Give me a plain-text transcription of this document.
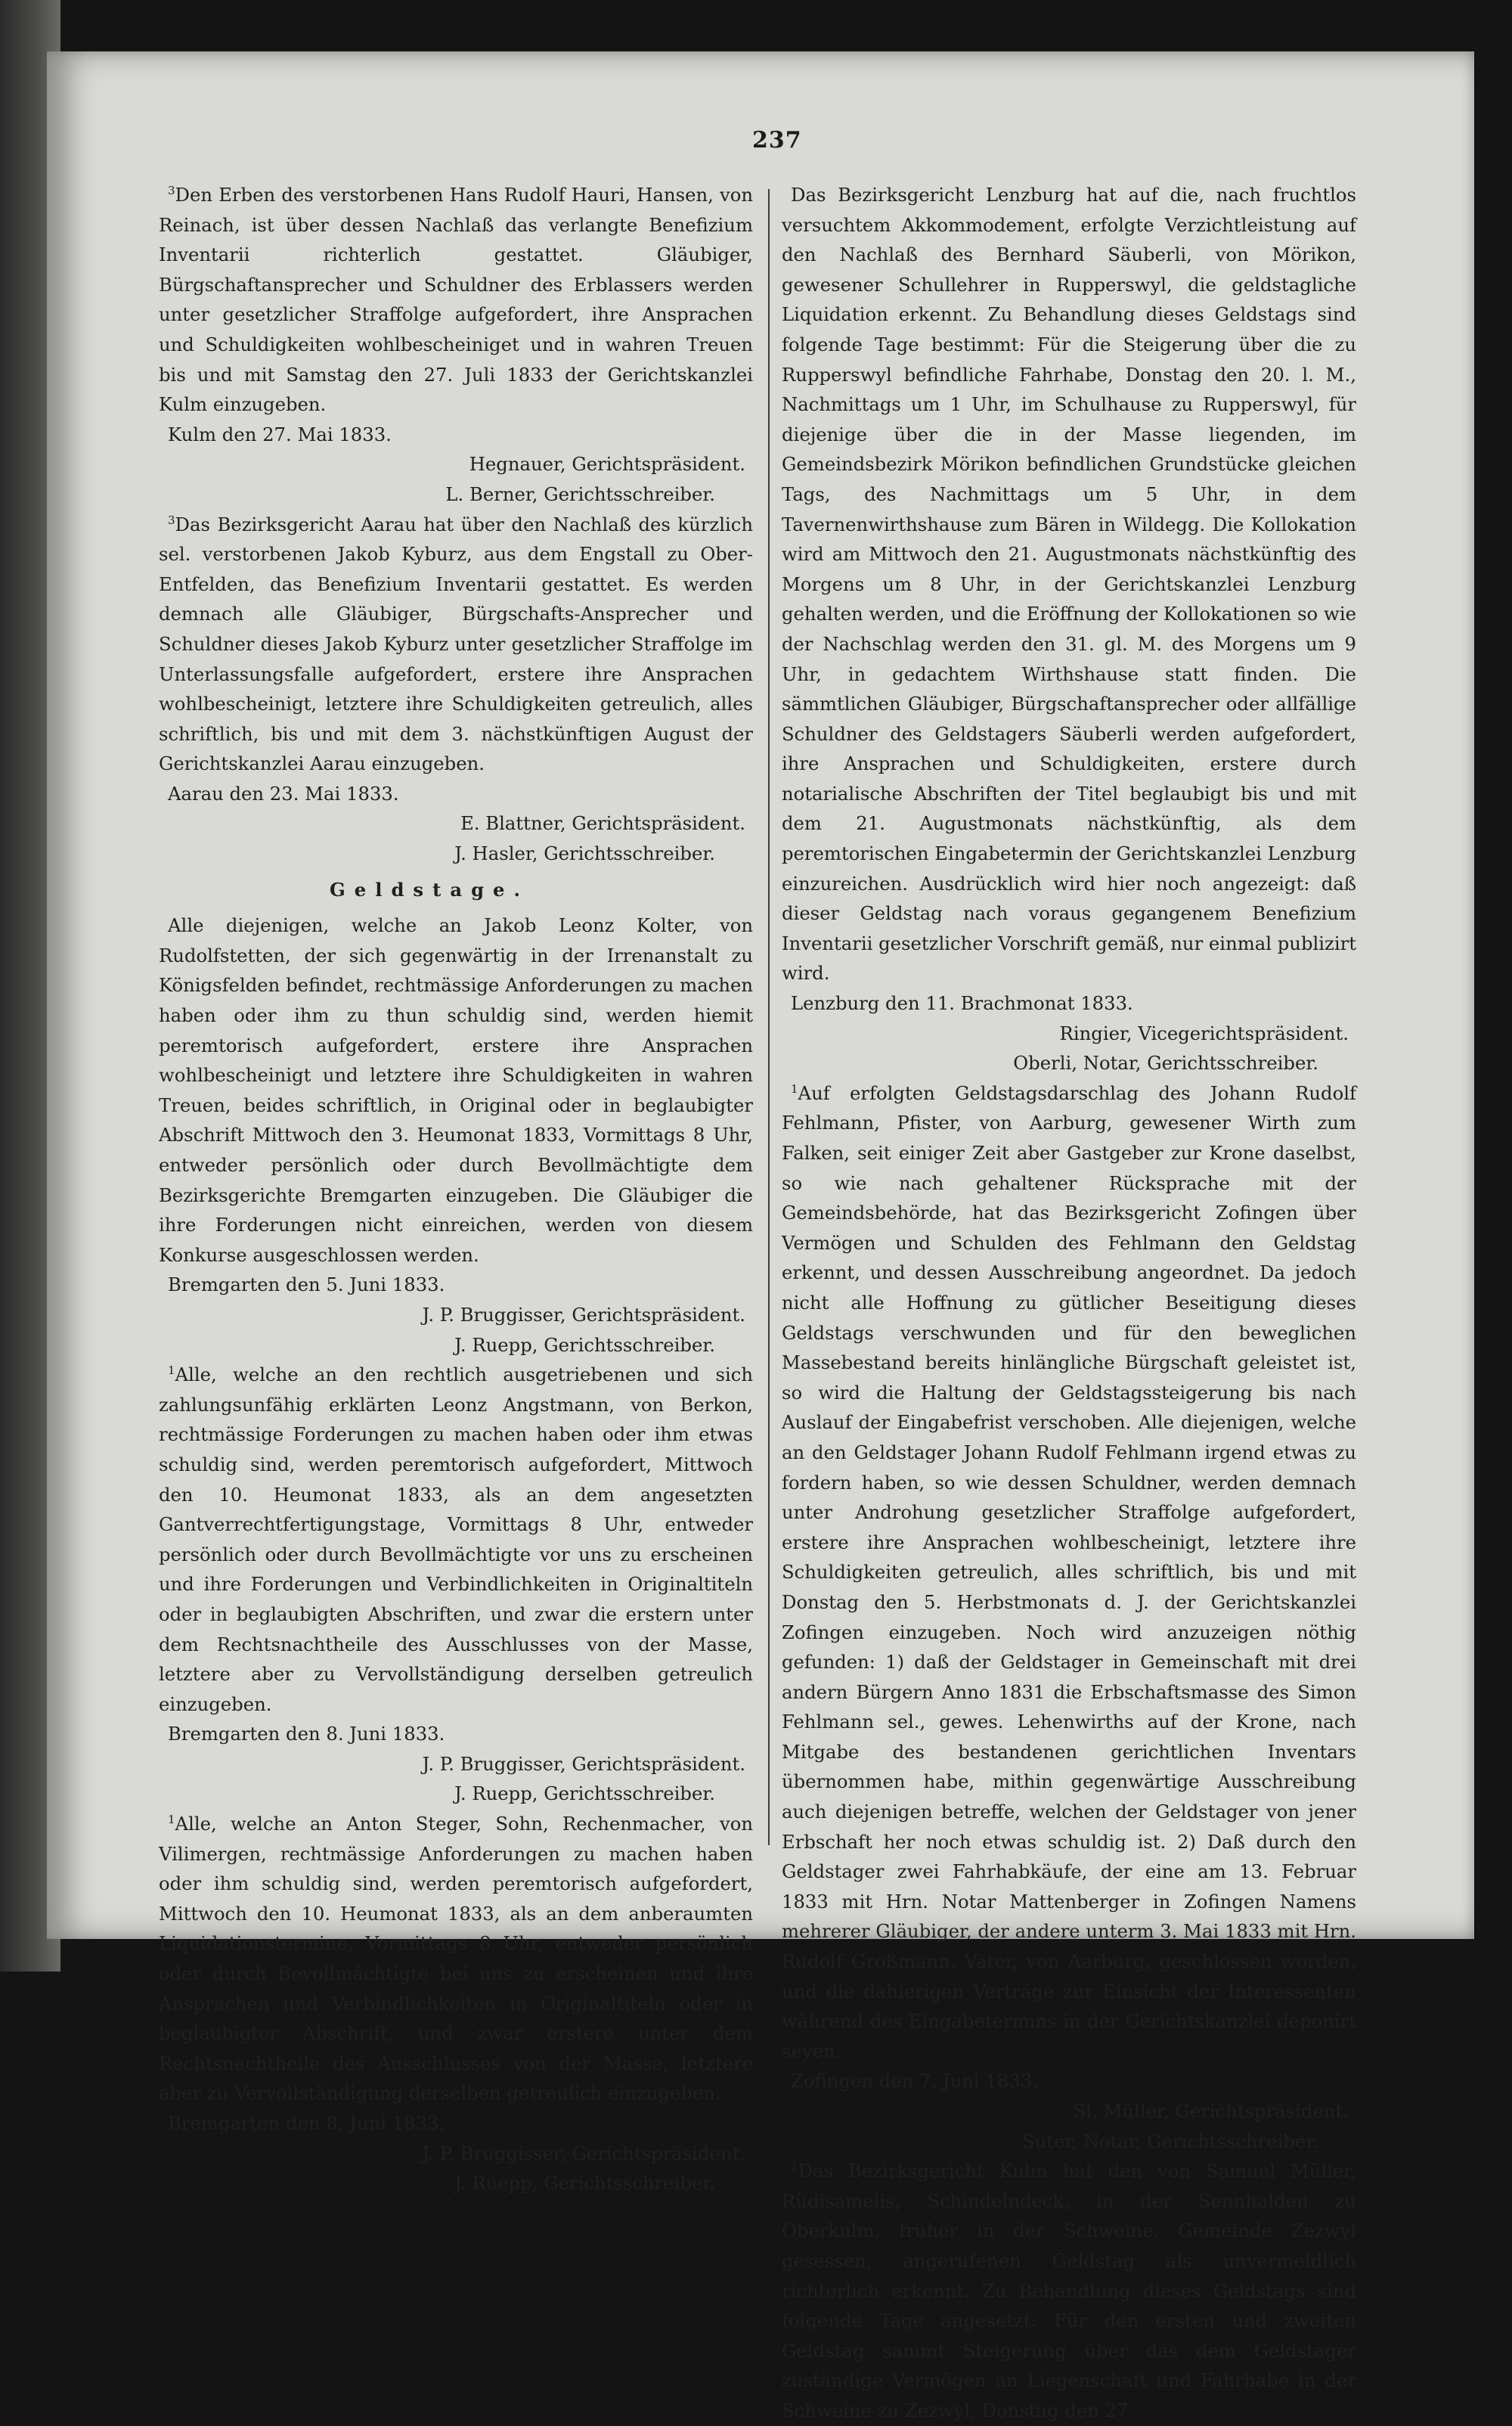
237

$^3$Den Erben des verstorbenen Hans Rudolf Hauri, Hansen, von Reinach, ist über dessen Nachlaß das verlangte Benefizium Inventarii richterlich gestattet. Gläubiger, Bürgschaftansprecher und Schuldner des Erblassers werden unter gesetzlicher Straffolge aufgefordert, ihre Ansprachen und Schuldigkeiten wohlbescheiniget und in wahren Treuen bis und mit Samstag den 27. Juli 1833 der Gerichtskanzlei Kulm einzugeben.

Kulm den 27. Mai 1833.

Hegnauer, Gerichtspräsident.

L. Berner, Gerichtsschreiber.

$^3$Das Bezirksgericht Aarau hat über den Nachlaß des kürzlich sel. verstorbenen Jakob Kyburz, aus dem Engstall zu Ober-Entfelden, das Benefizium Inventarii gestattet. Es werden demnach alle Gläubiger, Bürgschafts-Ansprecher und Schuldner dieses Jakob Kyburz unter gesetzlicher Straffolge im Unterlassungsfalle aufgefordert, erstere ihre Ansprachen wohlbescheinigt, letztere ihre Schuldigkeiten getreulich, alles schriftlich, bis und mit dem 3. nächstkünftigen August der Gerichtskanzlei Aarau einzugeben.

Aarau den 23. Mai 1833.

E. Blattner, Gerichtspräsident.

J. Hasler, Gerichtsschreiber.

Geldstage.

Alle diejenigen, welche an Jakob Leonz Kolter, von Rudolfstetten, der sich gegenwärtig in der Irrenanstalt zu Königsfelden befindet, rechtmässige Anforderungen zu machen haben oder ihm zu thun schuldig sind, werden hiemit peremtorisch aufgefordert, erstere ihre Ansprachen wohlbescheinigt und letztere ihre Schuldigkeiten in wahren Treuen, beides schriftlich, in Original oder in beglaubigter Abschrift Mittwoch den 3. Heumonat 1833, Vormittags 8 Uhr, entweder persönlich oder durch Bevollmächtigte dem Bezirksgerichte Bremgarten einzugeben. Die Gläubiger die ihre Forderungen nicht einreichen, werden von diesem Konkurse ausgeschlossen werden.

Bremgarten den 5. Juni 1833.

J. P. Bruggisser, Gerichtspräsident.

J. Ruepp, Gerichtsschreiber.

$^1$Alle, welche an den rechtlich ausgetriebenen und sich zahlungsunfähig erklärten Leonz Angstmann, von Berkon, rechtmässige Forderungen zu machen haben oder ihm etwas schuldig sind, werden peremtorisch aufgefordert, Mittwoch den 10. Heumonat 1833, als an dem angesetzten Gantverrechtfertigungstage, Vormittags 8 Uhr, entweder persönlich oder durch Bevollmächtigte vor uns zu erscheinen und ihre Forderungen und Verbindlichkeiten in Originaltiteln oder in beglaubigten Abschriften, und zwar die erstern unter dem Rechtsnachtheile des Ausschlusses von der Masse, letztere aber zu Vervollständigung derselben getreulich einzugeben.

Bremgarten den 8. Juni 1833.

J. P. Bruggisser, Gerichtspräsident.

J. Ruepp, Gerichtsschreiber.

$^1$Alle, welche an Anton Steger, Sohn, Rechenmacher, von Vilimergen, rechtmässige Anforderungen zu machen haben oder ihm schuldig sind, werden peremtorisch aufgefordert, Mittwoch den 10. Heumonat 1833, als an dem anberaumten Liquidationstermine, Vormittags 8 Uhr, entweder persönlich oder durch Bevollmächtigte bei uns zu erscheinen und ihre Ansprachen und Verbindlichkeiten in Originaltiteln oder in beglaubigter Abschrift, und zwar erstere unter dem Rechtsnachtheile des Ausschlusses von der Masse, letztere aber zu Vervollständigung derselben getreulich einzugeben.

Bremgarten den 8. Juni 1833.

J. P. Bruggisser, Gerichtspräsident.

J. Ruepp, Gerichtsschreiber.

Das Bezirksgericht Lenzburg hat auf die, nach fruchtlos versuchtem Akkommodement, erfolgte Verzichtleistung auf den Nachlaß des Bernhard Säuberli, von Mörikon, gewesener Schullehrer in Rupperswyl, die geldstagliche Liquidation erkennt. Zu Behandlung dieses Geldstags sind folgende Tage bestimmt: Für die Steigerung über die zu Rupperswyl befindliche Fahrhabe, Donstag den 20. l. M., Nachmittags um 1 Uhr, im Schulhause zu Rupperswyl, für diejenige über die in der Masse liegenden, im Gemeindsbezirk Mörikon befindlichen Grundstücke gleichen Tags, des Nachmittags um 5 Uhr, in dem Tavernenwirthshause zum Bären in Wildegg. Die Kollokation wird am Mittwoch den 21. Augustmonats nächstkünftig des Morgens um 8 Uhr, in der Gerichtskanzlei Lenzburg gehalten werden, und die Eröffnung der Kollokationen so wie der Nachschlag werden den 31. gl. M. des Morgens um 9 Uhr, in gedachtem Wirthshause statt finden. Die sämmtlichen Gläubiger, Bürgschaftansprecher oder allfällige Schuldner des Geldstagers Säuberli werden aufgefordert, ihre Ansprachen und Schuldigkeiten, erstere durch notarialische Abschriften der Titel beglaubigt bis und mit dem 21. Augustmonats nächstkünftig, als dem peremtorischen Eingabetermin der Gerichtskanzlei Lenzburg einzureichen. Ausdrücklich wird hier noch angezeigt: daß dieser Geldstag nach voraus gegangenem Benefizium Inventarii gesetzlicher Vorschrift gemäß, nur einmal publizirt wird.

Lenzburg den 11. Brachmonat 1833.

Ringier, Vicegerichtspräsident.

Oberli, Notar, Gerichtsschreiber.

$^1$Auf erfolgten Geldstagsdarschlag des Johann Rudolf Fehlmann, Pfister, von Aarburg, gewesener Wirth zum Falken, seit einiger Zeit aber Gastgeber zur Krone daselbst, so wie nach gehaltener Rücksprache mit der Gemeindsbehörde, hat das Bezirksgericht Zofingen über Vermögen und Schulden des Fehlmann den Geldstag erkennt, und dessen Ausschreibung angeordnet. Da jedoch nicht alle Hoffnung zu gütlicher Beseitigung dieses Geldstags verschwunden und für den beweglichen Massebestand bereits hinlängliche Bürgschaft geleistet ist, so wird die Haltung der Geldstagssteigerung bis nach Auslauf der Eingabefrist verschoben. Alle diejenigen, welche an den Geldstager Johann Rudolf Fehlmann irgend etwas zu fordern haben, so wie dessen Schuldner, werden demnach unter Androhung gesetzlicher Straffolge aufgefordert, erstere ihre Ansprachen wohlbescheinigt, letztere ihre Schuldigkeiten getreulich, alles schriftlich, bis und mit Donstag den 5. Herbstmonats d. J. der Gerichtskanzlei Zofingen einzugeben. Noch wird anzuzeigen nöthig gefunden: 1) daß der Geldstager in Gemeinschaft mit drei andern Bürgern Anno 1831 die Erbschaftsmasse des Simon Fehlmann sel., gewes. Lehenwirths auf der Krone, nach Mitgabe des bestandenen gerichtlichen Inventars übernommen habe, mithin gegenwärtige Ausschreibung auch diejenigen betreffe, welchen der Geldstager von jener Erbschaft her noch etwas schuldig ist. 2) Daß durch den Geldstager zwei Fahrhabkäufe, der eine am 13. Februar 1833 mit Hrn. Notar Mattenberger in Zofingen Namens mehrerer Gläubiger, der andere unterm 3. Mai 1833 mit Hrn. Rudolf Großmann, Vater, von Aarburg, geschlossen worden, und die dahierigen Verträge zur Einsicht der Interessenten während des Eingabetermins in der Gerichtskanzlei deponirt seyen.

Zofingen den 7. Juni 1833.

Sl. Müller, Gerichtspräsident.

Suter, Notar, Gerichtsschreiber.

$^1$Das Bezirksgericht Kulm hat den von Samuel Müller, Rüdisamelis, Schindelndeck, in der Sennhalden zu Oberkulm, früher in der Schweine, Gemeinde Zezwyl gesessen, angerufenen Geldstag als unvermeidlich richterlich erkennt. Zu Behandlung dieses Geldstags sind folgende Tage angesetzt: Für den ersten und zweiten Geldstag sammt Steigerung über das dem Geldstager zuständige Vermögen an Liegenschaft und Fahrhabe in der Schweine zu Zezwyl, Donstag den 27.
